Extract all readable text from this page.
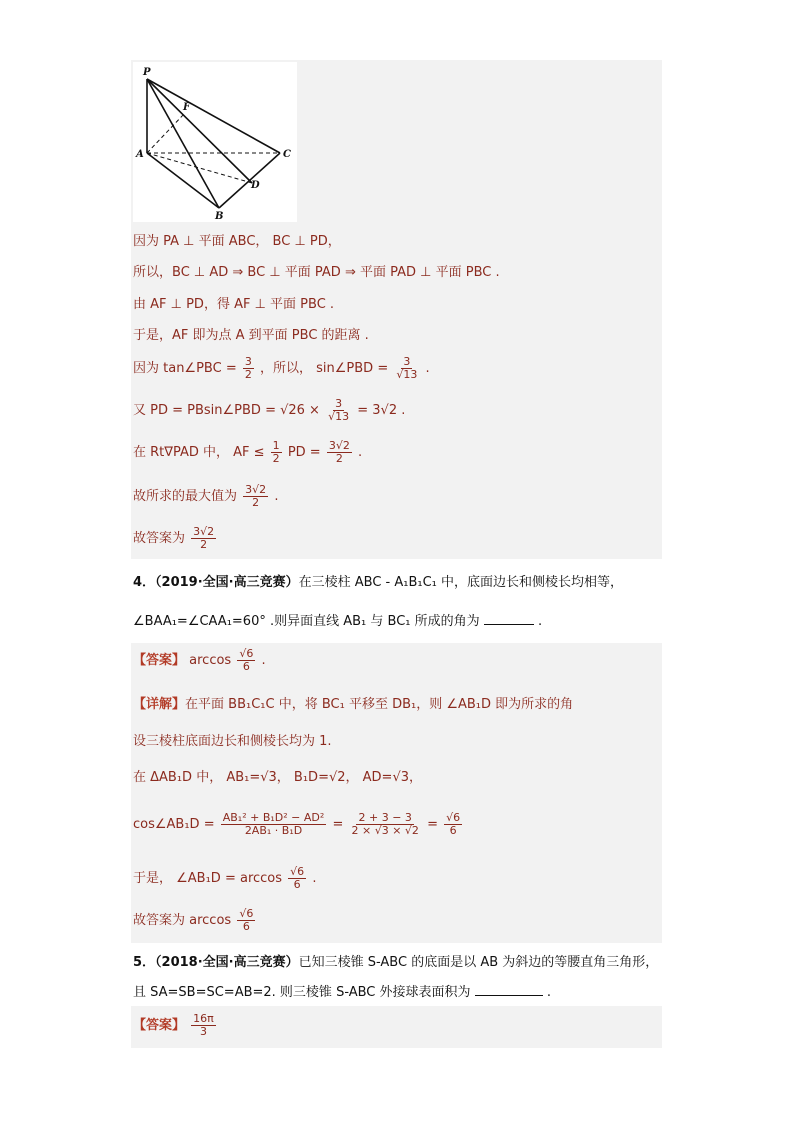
P
F
A	C
D
B
因为 PA ⊥ 平面 ABC， BC ⊥ PD，
所以，BC ⊥ AD ⇒ BC ⊥ 平面 PAD ⇒ 平面 PAD ⊥ 平面 PBC .
由 AF ⊥ PD，得 AF ⊥ 平面 PBC .
于是，AF 即为点 A 到平面 PBC 的距离 .
因为 tan∠PBC = $\frac{3}{2}$ ，所以， sin∠PBD = $\frac{3}{√13}$ .
又 PD = PBsin∠PBD = $√26 \times \frac{3}{√13} = 3√2$ .
在 Rt∇PAD 中， AF ≤ $\frac{1}{2}$ PD = $\frac{3√2}{2}$ .
故所求的最大值为 $\frac{3√2}{2}$ .
故答案为 $\frac{3√2}{2}$
4．（2019·全国·高三竞赛）在三棱柱 ABC - A₁B₁C₁ 中，底面边长和侧棱长均相等，
∠BAA₁=∠CAA₁=60° .则异面直线 AB₁ 与 BC₁ 所成的角为	.
【答案】 $\arccos \frac{√6}{6}$ .
【详解】在平面 BB₁C₁C 中，将 BC₁ 平移至 DB₁，则 ∠AB₁D 即为所求的角
设三棱柱底面边长和侧棱长均为 1.
在 ΔAB₁D 中， AB₁=√3， B₁D=√2， AD=√3，
cos∠AB₁D = $\frac{\text{AB₁² + B₁D² − AD²}}{\text{2AB₁ · B₁D}} = \frac{2 + 3 - 3}{2 \times √3 \times √2} = \frac{√6}{6}$
于是， ∠AB₁D = $\arccos \frac{√6}{6}$ .
故答案为 $\arccos \frac{√6}{6}$
5．（2018·全国·高三竞赛）已知三棱锥 S-ABC 的底面是以 AB 为斜边的等腰直角三角形，
且 SA=SB=SC=AB=2. 则三棱锥 S-ABC 外接球表面积为	.
【答案】 $\frac{16\pi}{3}$
